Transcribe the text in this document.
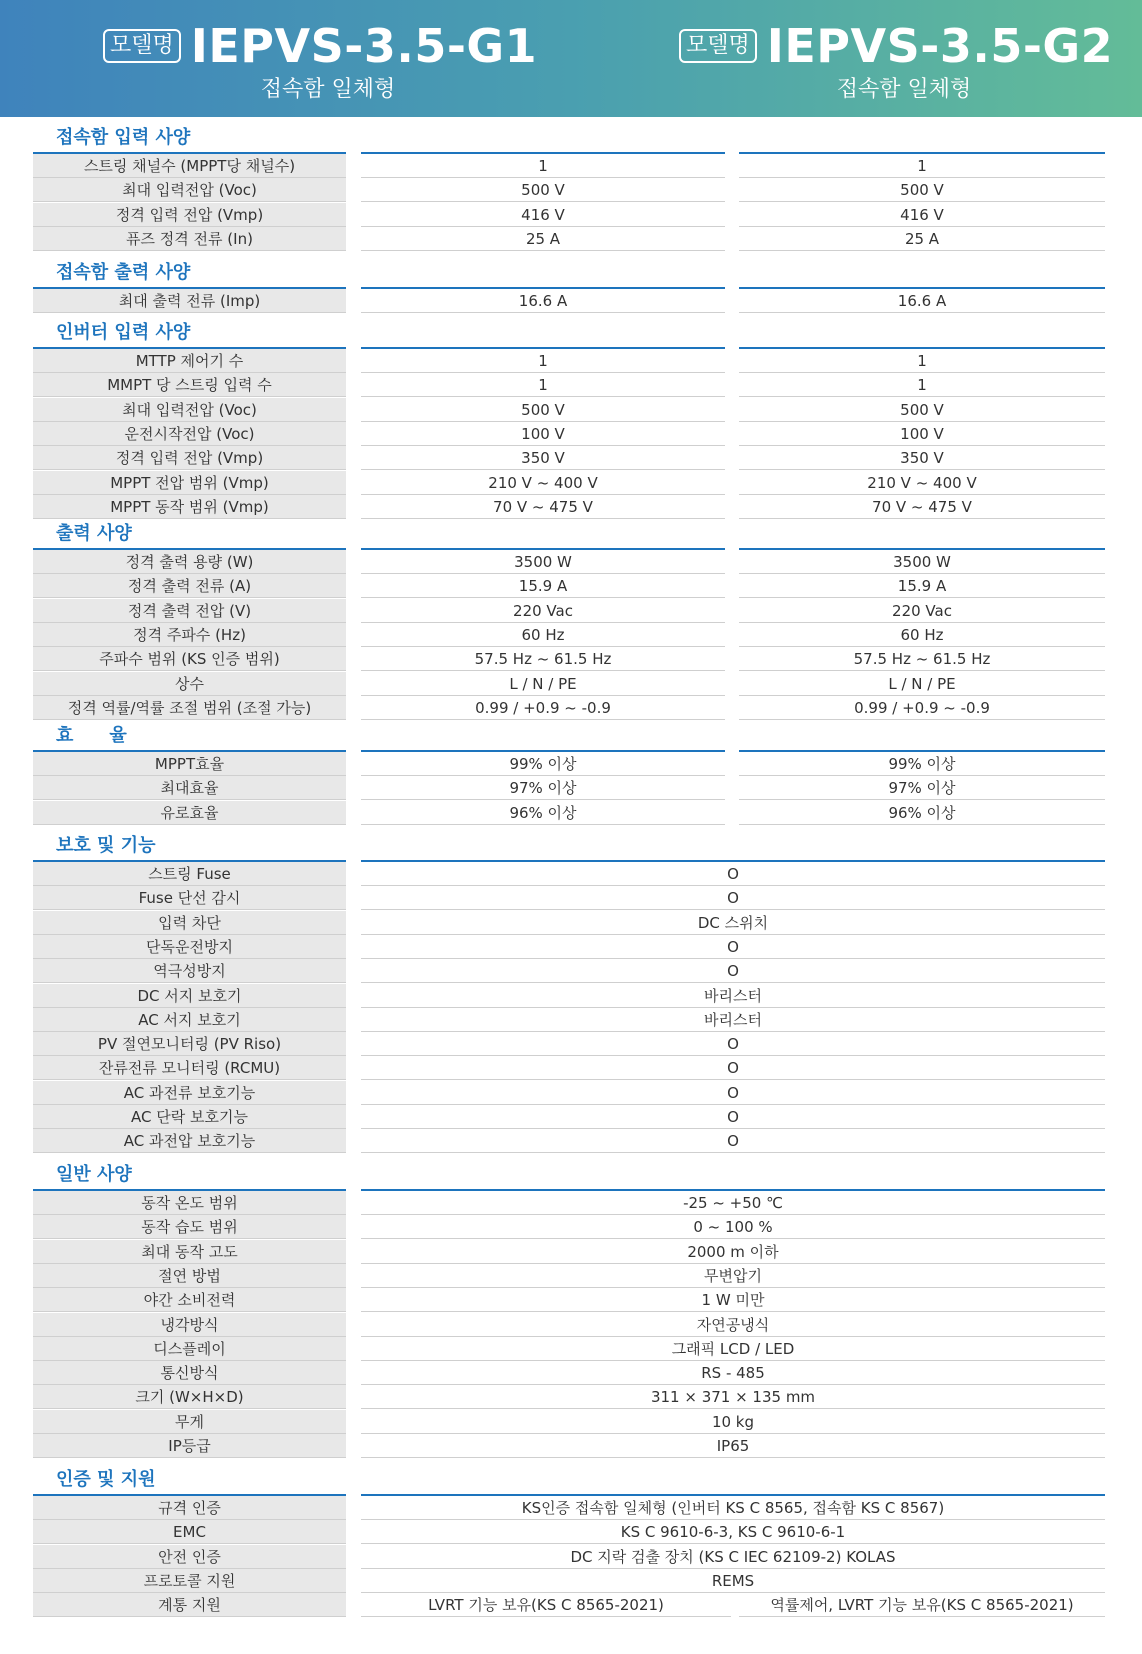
모델명 IEPVS-3.5-G1
접속함 일체형
모델명 IEPVS-3.5-G2
접속함 일체형
접속함 입력 사양
스트링 채널수 (MPPT당 채널수)	1	1
최대 입력전압 (Voc)	500 V	500 V
정격 입력 전압 (Vmp)	416 V	416 V
퓨즈 정격 전류 (In)	25 A	25 A
접속함 출력 사양
최대 출력 전류 (Imp)	16.6 A	16.6 A
인버터 입력 사양
MTTP 제어기 수	1	1
MMPT 당 스트링 입력 수	1	1
최대 입력전압 (Voc)	500 V	500 V
운전시작전압 (Voc)	100 V	100 V
정격 입력 전압 (Vmp)	350 V	350 V
MPPT 전압 범위 (Vmp)	210 V ~ 400 V	210 V ~ 400 V
MPPT 동작 범위 (Vmp)	70 V ~ 475 V	70 V ~ 475 V
출력 사양
정격 출력 용량 (W)	3500 W	3500 W
정격 출력 전류 (A)	15.9 A	15.9 A
정격 출력 전압 (V)	220 Vac	220 Vac
정격 주파수 (Hz)	60 Hz	60 Hz
주파수 범위 (KS 인증 범위)	57.5 Hz ~ 61.5 Hz	57.5 Hz ~ 61.5 Hz
상수	L / N / PE	L / N / PE
정격 역률/역률 조절 범위 (조절 가능)	0.99 / +0.9 ~ -0.9	0.99 / +0.9 ~ -0.9
효　　율
MPPT효율	99% 이상	99% 이상
최대효율	97% 이상	97% 이상
유로효율	96% 이상	96% 이상
보호 및 기능
스트링 Fuse	O
Fuse 단선 감시	O
입력 차단	DC 스위치
단독운전방지	O
역극성방지	O
DC 서지 보호기	바리스터
AC 서지 보호기	바리스터
PV 절연모니터링 (PV Riso)	O
잔류전류 모니터링 (RCMU)	O
AC 과전류 보호기능	O
AC 단락 보호기능	O
AC 과전압 보호기능	O
일반 사양
동작 온도 범위	-25 ~ +50 ℃
동작 습도 범위	0 ~ 100 %
최대 동작 고도	2000 m 이하
절연 방법	무변압기
야간 소비전력	1 W 미만
냉각방식	자연공냉식
디스플레이	그래픽 LCD / LED
통신방식	RS - 485
크기 (W×H×D)	311 × 371 × 135 mm
무게	10 kg
IP등급	IP65
인증 및 지원
규격 인증	KS인증 접속함 일체형 (인버터 KS C 8565, 접속함 KS C 8567)
EMC	KS C 9610-6-3, KS C 9610-6-1
안전 인증	DC 지락 검출 장치 (KS C IEC 62109-2) KOLAS
프로토콜 지원	REMS
계통 지원	LVRT 기능 보유(KS C 8565-2021)	역률제어, LVRT 기능 보유(KS C 8565-2021)
